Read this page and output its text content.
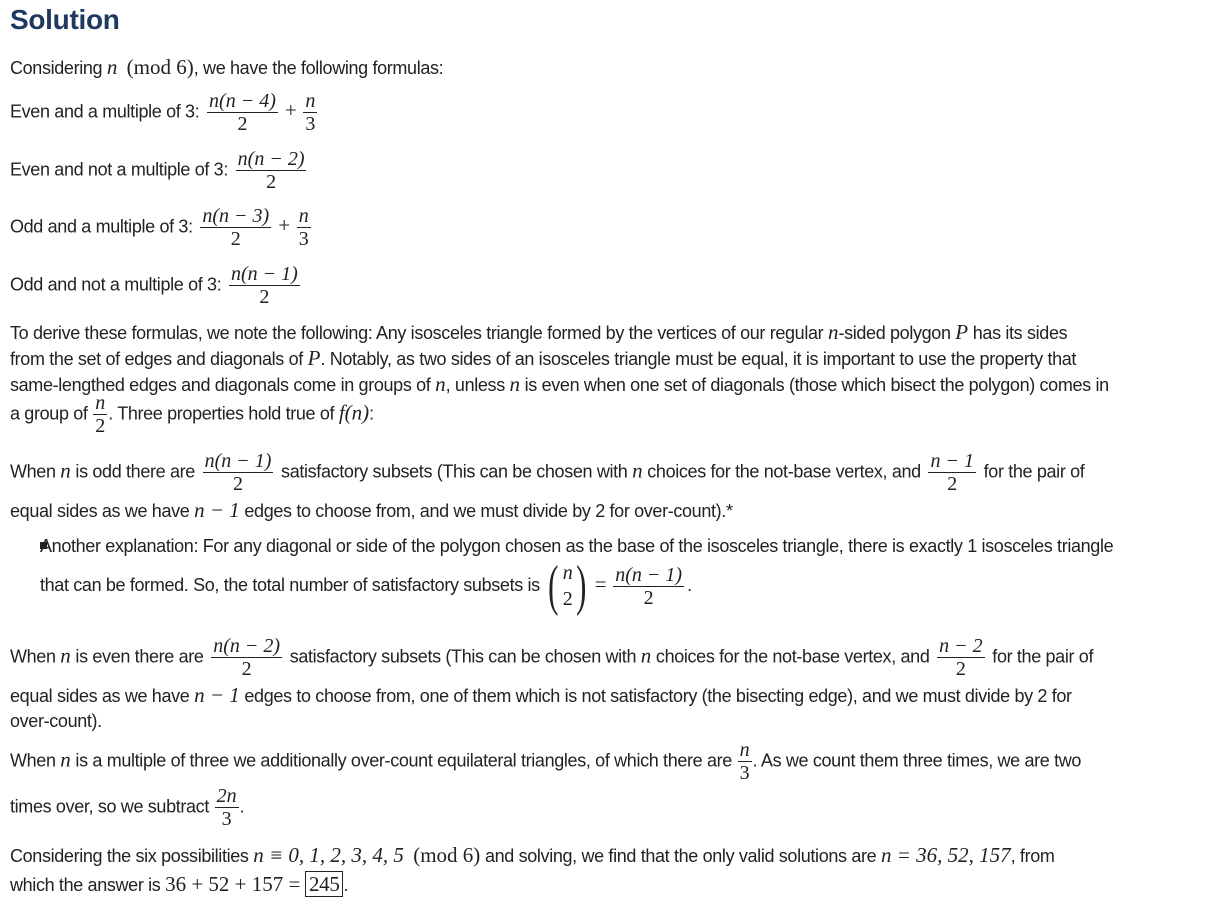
Solution
Considering n (mod 6), we have the following formulas:
Even and a multiple of 3: $\frac{n(n - 4)}{2} + \frac{n}{3}$
Even and not a multiple of 3: $\frac{n(n - 2)}{2}$
Odd and a multiple of 3: $\frac{n(n - 3)}{2} + \frac{n}{3}$
Odd and not a multiple of 3: $\frac{n(n - 1)}{2}$
To derive these formulas, we note the following: Any isosceles triangle formed by the vertices of our regular n-sided polygon P has its sides
from the set of edges and diagonals of P. Notably, as two sides of an isosceles triangle must be equal, it is important to use the property that
same-lengthed edges and diagonals come in groups of n, unless n is even when one set of diagonals (those which bisect the polygon) comes in
a group of $\frac{n}{2}$ . Three properties hold true of f(n):
When n is odd there are $\frac{n(n - 1)}{2}$ satisfactory subsets (This can be chosen with n choices for the not-base vertex, and $\frac{n - 1}{2}$ for the pair of
equal sides as we have n − 1 edges to choose from, and we must divide by 2 for over-count).*
Another explanation: For any diagonal or side of the polygon chosen as the base of the isosceles triangle, there is exactly 1 isosceles triangle
that can be formed. So, the total number of satisfactory subsets is ( n
2 ) = $\frac{n(n - 1)}{2}$ .
When n is even there are $\frac{n(n - 2)}{2}$ satisfactory subsets (This can be chosen with n choices for the not-base vertex, and $\frac{n - 2}{2}$ for the pair of
equal sides as we have n − 1 edges to choose from, one of them which is not satisfactory (the bisecting edge), and we must divide by 2 for
over-count).
When n is a multiple of three we additionally over-count equilateral triangles, of which there are $\frac{n}{3}$ . As we count them three times, we are two
times over, so we subtract $\frac{2n}{3}$ .
Considering the six possibilities n ≡ 0, 1, 2, 3, 4, 5 (mod 6) and solving, we find that the only valid solutions are n = 36, 52, 157, from
which the answer is 36 + 52 + 157 = 245 .
